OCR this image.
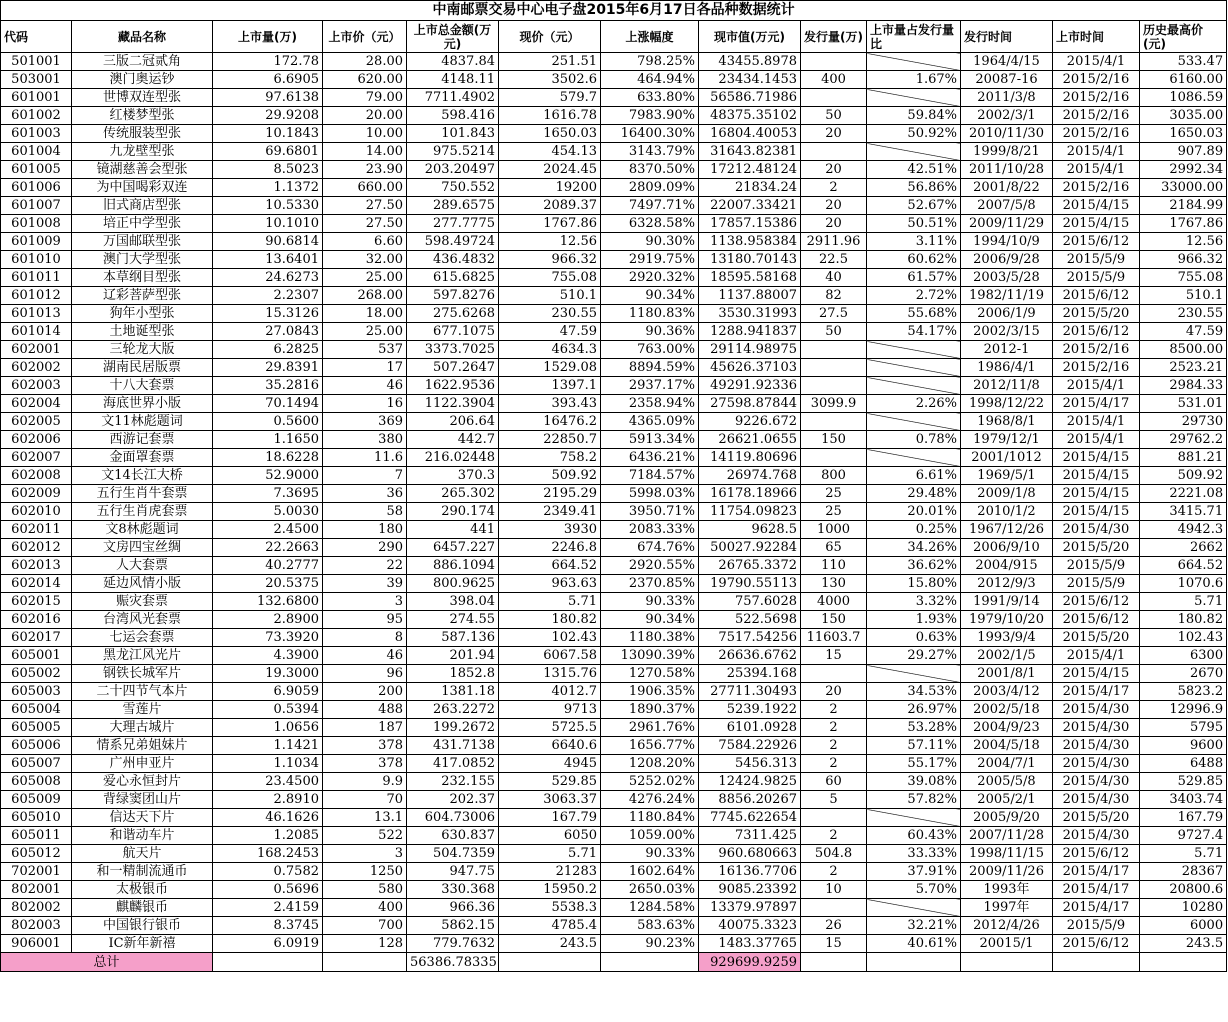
中南邮票交易中心电子盘2015年6月17日各品种数据统计												
代码	藏品名称	上市量(万)	上市价（元）	上市总金额(万元)	现价（元）	上涨幅度	现市值(万元)	发行量(万)	上市量占发行量比	发行时间	上市时间	历史最高价(元)
501001	三版二冠贰角	172.78	28.00	4837.84	251.51	798.25%	43455.8978			1964/4/15	2015/4/1	533.47
503001	澳门奥运钞	6.6905	620.00	4148.11	3502.6	464.94%	23434.1453	400	1.67%	20087-16	2015/2/16	6160.00
601001	世博双连型张	97.6138	79.00	7711.4902	579.7	633.80%	56586.71986			2011/3/8	2015/2/16	1086.59
601002	红楼梦型张	29.9208	20.00	598.416	1616.78	7983.90%	48375.35102	50	59.84%	2002/3/1	2015/2/16	3035.00
601003	传统服装型张	10.1843	10.00	101.843	1650.03	16400.30%	16804.40053	20	50.92%	2010/11/30	2015/2/16	1650.03
601004	九龙壁型张	69.6801	14.00	975.5214	454.13	3143.79%	31643.82381			1999/8/21	2015/4/1	907.89
601005	镜湖慈善会型张	8.5023	23.90	203.20497	2024.45	8370.50%	17212.48124	20	42.51%	2011/10/28	2015/4/1	2992.34
601006	为中国喝彩双连	1.1372	660.00	750.552	19200	2809.09%	21834.24	2	56.86%	2001/8/22	2015/2/16	33000.00
601007	旧式商店型张	10.5330	27.50	289.6575	2089.37	7497.71%	22007.33421	20	52.67%	2007/5/8	2015/4/15	2184.99
601008	培正中学型张	10.1010	27.50	277.7775	1767.86	6328.58%	17857.15386	20	50.51%	2009/11/29	2015/4/15	1767.86
601009	万国邮联型张	90.6814	6.60	598.49724	12.56	90.30%	1138.958384	2911.96	3.11%	1994/10/9	2015/6/12	12.56
601010	澳门大学型张	13.6401	32.00	436.4832	966.32	2919.75%	13180.70143	22.5	60.62%	2006/9/28	2015/5/9	966.32
601011	本草纲目型张	24.6273	25.00	615.6825	755.08	2920.32%	18595.58168	40	61.57%	2003/5/28	2015/5/9	755.08
601012	辽彩菩萨型张	2.2307	268.00	597.8276	510.1	90.34%	1137.88007	82	2.72%	1982/11/19	2015/6/12	510.1
601013	狗年小型张	15.3126	18.00	275.6268	230.55	1180.83%	3530.31993	27.5	55.68%	2006/1/9	2015/5/20	230.55
601014	土地诞型张	27.0843	25.00	677.1075	47.59	90.36%	1288.941837	50	54.17%	2002/3/15	2015/6/12	47.59
602001	三轮龙大版	6.2825	537	3373.7025	4634.3	763.00%	29114.98975			2012-1	2015/2/16	8500.00
602002	湖南民居版票	29.8391	17	507.2647	1529.08	8894.59%	45626.37103			1986/4/1	2015/2/16	2523.21
602003	十八大套票	35.2816	46	1622.9536	1397.1	2937.17%	49291.92336			2012/11/8	2015/4/1	2984.33
602004	海底世界小版	70.1494	16	1122.3904	393.43	2358.94%	27598.87844	3099.9	2.26%	1998/12/22	2015/4/17	531.01
602005	文11林彪题词	0.5600	369	206.64	16476.2	4365.09%	9226.672			1968/8/1	2015/4/1	29730
602006	西游记套票	1.1650	380	442.7	22850.7	5913.34%	26621.0655	150	0.78%	1979/12/1	2015/4/1	29762.2
602007	金面罩套票	18.6228	11.6	216.02448	758.2	6436.21%	14119.80696			2001/1012	2015/4/15	881.21
602008	文14长江大桥	52.9000	7	370.3	509.92	7184.57%	26974.768	800	6.61%	1969/5/1	2015/4/15	509.92
602009	五行生肖牛套票	7.3695	36	265.302	2195.29	5998.03%	16178.18966	25	29.48%	2009/1/8	2015/4/15	2221.08
602010	五行生肖虎套票	5.0030	58	290.174	2349.41	3950.71%	11754.09823	25	20.01%	2010/1/2	2015/4/15	3415.71
602011	文8林彪题词	2.4500	180	441	3930	2083.33%	9628.5	1000	0.25%	1967/12/26	2015/4/30	4942.3
602012	文房四宝丝绸	22.2663	290	6457.227	2246.8	674.76%	50027.92284	65	34.26%	2006/9/10	2015/5/20	2662
602013	人大套票	40.2777	22	886.1094	664.52	2920.55%	26765.3372	110	36.62%	2004/915	2015/5/9	664.52
602014	延边风情小版	20.5375	39	800.9625	963.63	2370.85%	19790.55113	130	15.80%	2012/9/3	2015/5/9	1070.6
602015	赈灾套票	132.6800	3	398.04	5.71	90.33%	757.6028	4000	3.32%	1991/9/14	2015/6/12	5.71
602016	台湾风光套票	2.8900	95	274.55	180.82	90.34%	522.5698	150	1.93%	1979/10/20	2015/6/12	180.82
602017	七运会套票	73.3920	8	587.136	102.43	1180.38%	7517.54256	11603.7	0.63%	1993/9/4	2015/5/20	102.43
605001	黑龙江风光片	4.3900	46	201.94	6067.58	13090.39%	26636.6762	15	29.27%	2002/1/5	2015/4/1	6300
605002	钢铁长城军片	19.3000	96	1852.8	1315.76	1270.58%	25394.168			2001/8/1	2015/4/15	2670
605003	二十四节气本片	6.9059	200	1381.18	4012.7	1906.35%	27711.30493	20	34.53%	2003/4/12	2015/4/17	5823.2
605004	雪莲片	0.5394	488	263.2272	9713	1890.37%	5239.1922	2	26.97%	2002/5/18	2015/4/30	12996.9
605005	大理古城片	1.0656	187	199.2672	5725.5	2961.76%	6101.0928	2	53.28%	2004/9/23	2015/4/30	5795
605006	情系兄弟姐妹片	1.1421	378	431.7138	6640.6	1656.77%	7584.22926	2	57.11%	2004/5/18	2015/4/30	9600
605007	广州申亚片	1.1034	378	417.0852	4945	1208.20%	5456.313	2	55.17%	2004/7/1	2015/4/30	6488
605008	爱心永恒封片	23.4500	9.9	232.155	529.85	5252.02%	12424.9825	60	39.08%	2005/5/8	2015/4/30	529.85
605009	背绿窦团山片	2.8910	70	202.37	3063.37	4276.24%	8856.20267	5	57.82%	2005/2/1	2015/4/30	3403.74
605010	信达天下片	46.1626	13.1	604.73006	167.79	1180.84%	7745.622654			2005/9/20	2015/5/20	167.79
605011	和谐动车片	1.2085	522	630.837	6050	1059.00%	7311.425	2	60.43%	2007/11/28	2015/4/30	9727.4
605012	航天片	168.2453	3	504.7359	5.71	90.33%	960.680663	504.8	33.33%	1998/11/15	2015/6/12	5.71
702001	和一精制流通币	0.7582	1250	947.75	21283	1602.64%	16136.7706	2	37.91%	2009/11/26	2015/4/17	28367
802001	太极银币	0.5696	580	330.368	15950.2	2650.03%	9085.23392	10	5.70%	1993年	2015/4/17	20800.6
802002	麒麟银币	2.4159	400	966.36	5538.3	1284.58%	13379.97897			1997年	2015/4/17	10280
802003	中国银行银币	8.3745	700	5862.15	4785.4	583.63%	40075.3323	26	32.21%	2012/4/26	2015/5/9	6000
906001	IC新年新禧	6.0919	128	779.7632	243.5	90.23%	1483.37765	15	40.61%	20015/1	2015/6/12	243.5
总计				56386.78335			929699.9259					
